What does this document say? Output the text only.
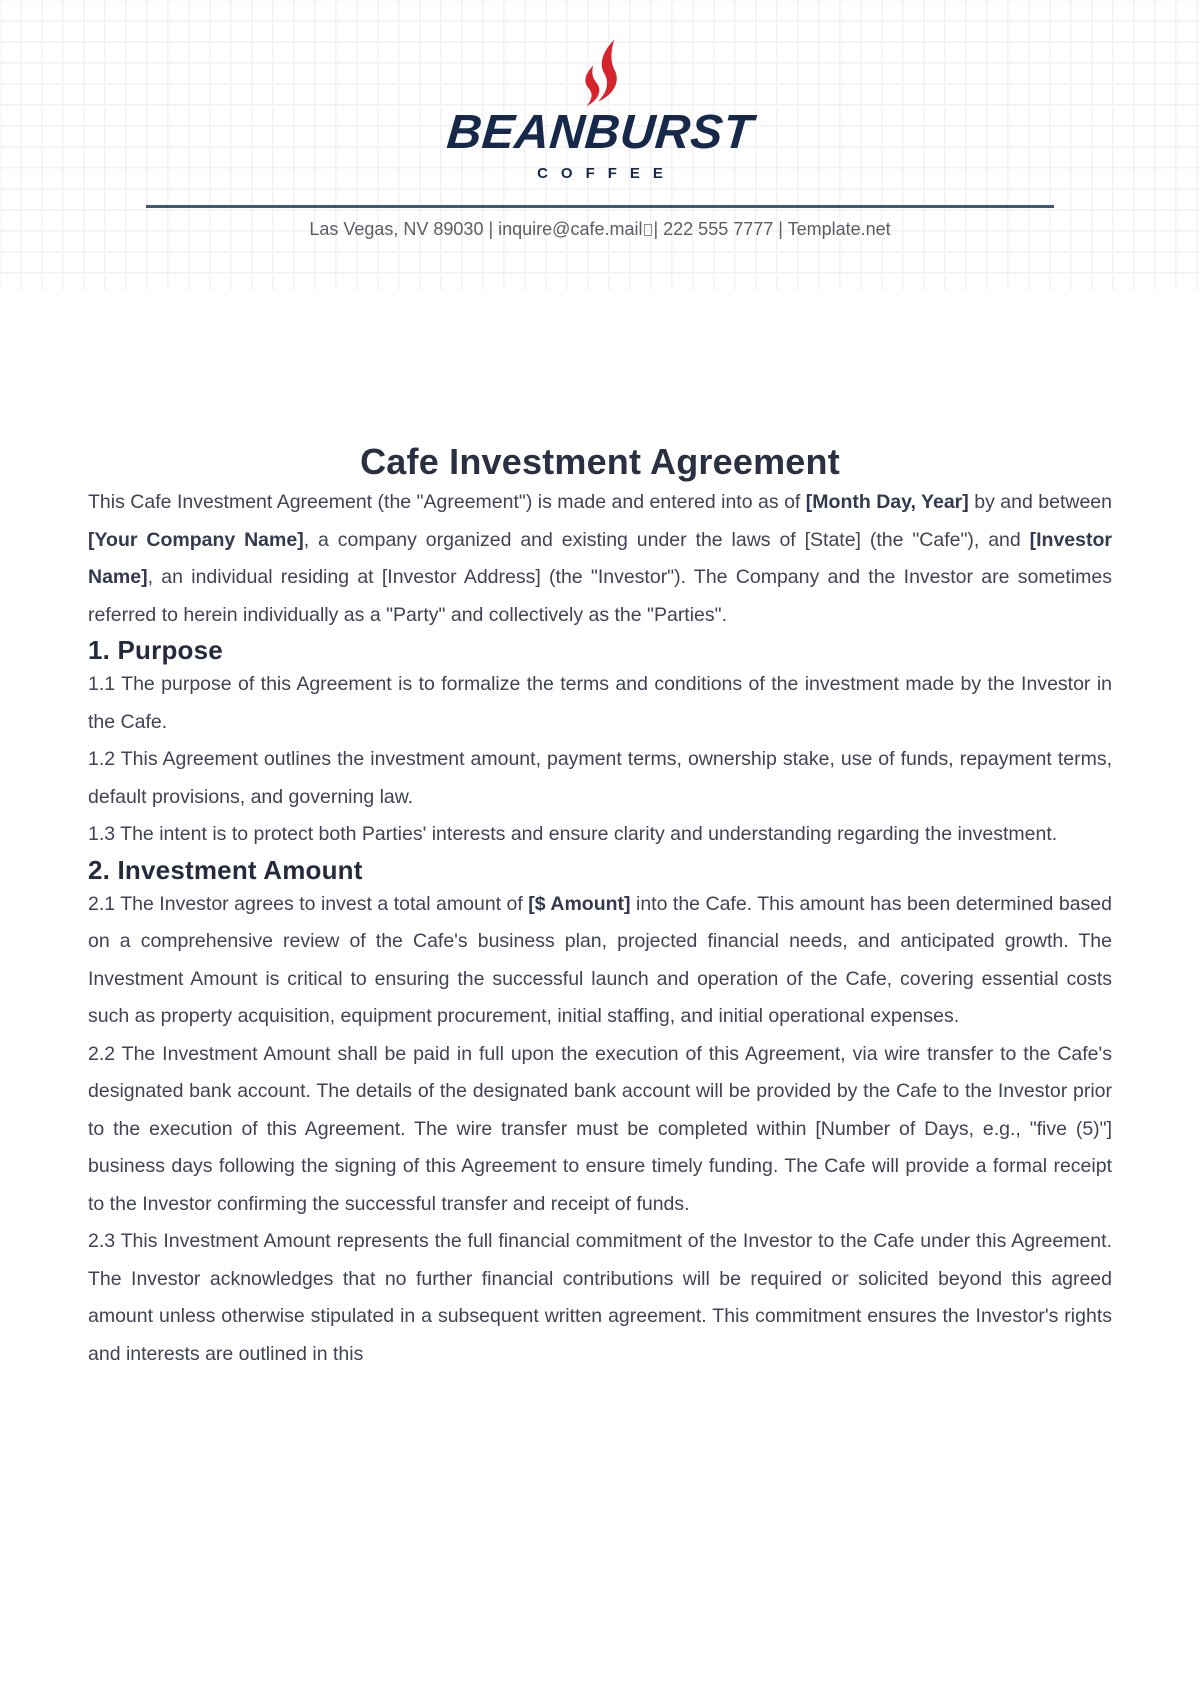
BEANBURST
COFFEE
Las Vegas, NV 89030 | inquire@cafe.mail | 222 555 7777 | Template.net
Cafe Investment Agreement

This Cafe Investment Agreement (the "Agreement") is made and entered into as of [Month Day, Year] by and between [Your Company Name], a company organized and existing under the laws of [State] (the "Cafe"), and [Investor Name], an individual residing at [Investor Address] (the "Investor"). The Company and the Investor are sometimes referred to herein individually as a "Party" and collectively as the "Parties".

1. Purpose

1.1 The purpose of this Agreement is to formalize the terms and conditions of the investment made by the Investor in the Cafe.

1.2 This Agreement outlines the investment amount, payment terms, ownership stake, use of funds, repayment terms, default provisions, and governing law.

1.3 The intent is to protect both Parties' interests and ensure clarity and understanding regarding the investment.

2. Investment Amount

2.1 The Investor agrees to invest a total amount of [$ Amount] into the Cafe. This amount has been determined based on a comprehensive review of the Cafe's business plan, projected financial needs, and anticipated growth. The Investment Amount is critical to ensuring the successful launch and operation of the Cafe, covering essential costs such as property acquisition, equipment procurement, initial staffing, and initial operational expenses.

2.2 The Investment Amount shall be paid in full upon the execution of this Agreement, via wire transfer to the Cafe's designated bank account. The details of the designated bank account will be provided by the Cafe to the Investor prior to the execution of this Agreement. The wire transfer must be completed within [Number of Days, e.g., "five (5)"] business days following the signing of this Agreement to ensure timely funding. The Cafe will provide a formal receipt to the Investor confirming the successful transfer and receipt of funds.

2.3 This Investment Amount represents the full financial commitment of the Investor to the Cafe under this Agreement. The Investor acknowledges that no further financial contributions will be required or solicited beyond this agreed amount unless otherwise stipulated in a subsequent written agreement. This commitment ensures the Investor's rights and interests are outlined in this
